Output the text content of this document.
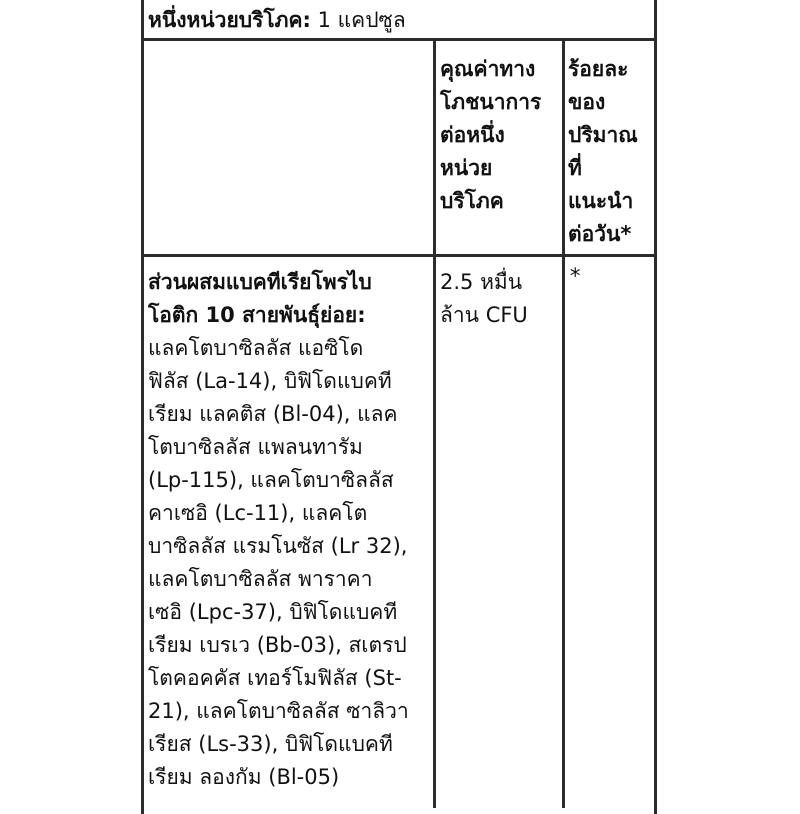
หนึ่งหน่วยบริโภค: 1 แคปซูล
คุณค่าทาง
โภชนาการ
ต่อหนึ่ง
หน่วย
บริโภค
ร้อยละ
ของ
ปริมาณ
ที่
แนะนำ
ต่อวัน*
ส่วนผสมแบคทีเรียโพรไบ
โอติก 10 สายพันธุ์ย่อย:
แลคโตบาซิลลัส แอซิโด
ฟิลัส (La-14), บิฟิโดแบคที
เรียม แลคติส (Bl-04), แลค
โตบาซิลลัส แพลนทารัม
(Lp-115), แลคโตบาซิลลัส
คาเซอิ (Lc-11), แลคโต
บาซิลลัส แรมโนซัส (Lr 32),
แลคโตบาซิลลัส พาราคา
เซอิ (Lpc-37), บิฟิโดแบคที
เรียม เบรเว (Bb-03), สเตรป
โตคอคคัส เทอร์โมฟิลัส (St-
21), แลคโตบาซิลลัส ซาลิวา
เรียส (Ls-33), บิฟิโดแบคที
เรียม ลองกัม (Bl-05)
2.5 หมื่น
ล้าน CFU
*
